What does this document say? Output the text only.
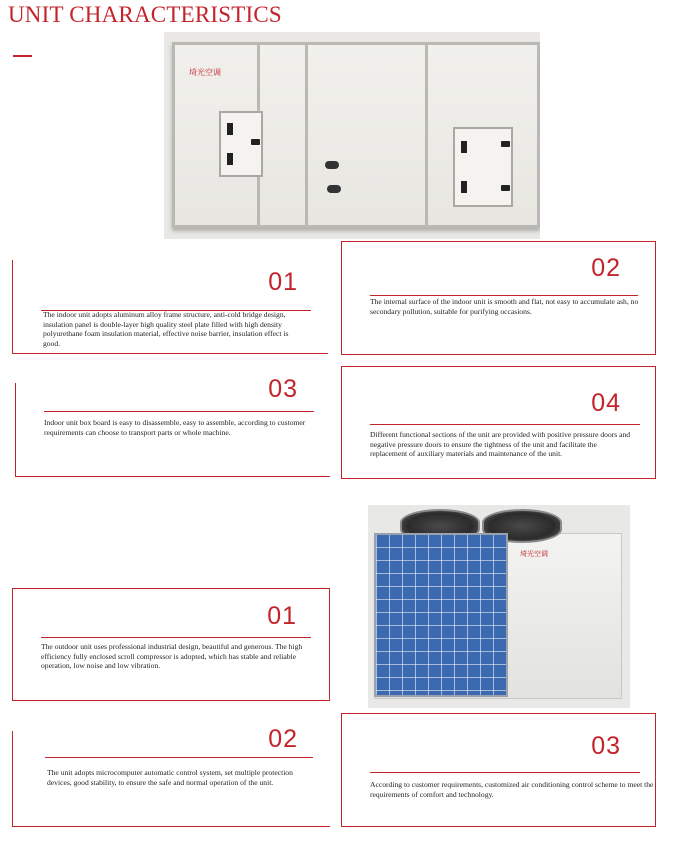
UNIT CHARACTERISTICS
埼光空调
01
The indoor unit adopts aluminum alloy frame structure, anti-cold bridge design, insulation panel is double-layer high quality steel plate filled with high density polyurethane foam insulation material, effective noise barrier, insulation effect is good.
02
The internal surface of the indoor unit is smooth and flat, not easy to accumulate ash, no secondary pollution, suitable for purifying occasions.
03
Indoor unit box board is easy to disassemble, easy to assemble, according to customer requirements can choose to transport parts or whole machine.
04
Different functional sections of the unit are provided with positive pressure doors and negative pressure doors to ensure the tightness of the unit and facilitate the replacement of auxiliary materials and maintenance of the unit.
埼光空调
01
The outdoor unit uses professional industrial design, beautiful and generous. The high efficiency fully enclosed scroll compressor is adopted, which has stable and reliable operation, low noise and low vibration.
02
The unit adopts microcomputer automatic control system, set multiple protection devices, good stability, to ensure the safe and normal operation of the unit.
03
According to customer requirements, customized air conditioning control scheme to meet the requirements of comfort and technology.
